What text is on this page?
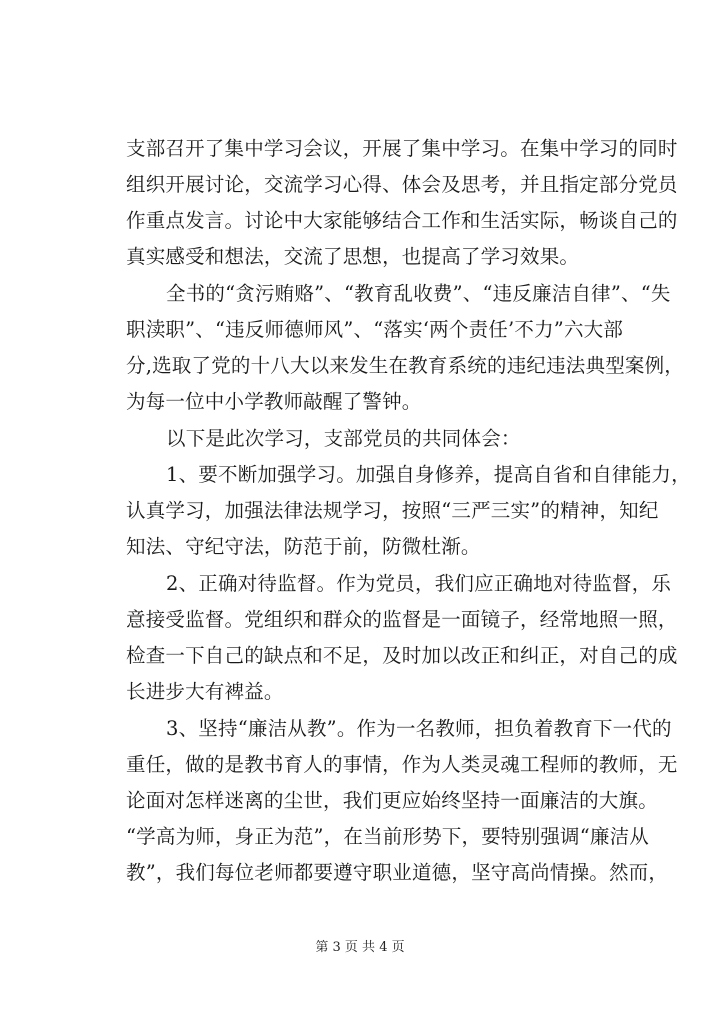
支部召开了集中学习会议，开展了集中学习。在集中学习的同时
组织开展讨论，交流学习心得、体会及思考，并且指定部分党员
作重点发言。讨论中大家能够结合工作和生活实际，畅谈自己的
真实感受和想法，交流了思想，也提高了学习效果。
全书的“贪污贿赂”、“教育乱收费”、“违反廉洁自律”、“失
职渎职”、“违反师德师风”、“落实‘两个责任’不力”六大部
分,选取了党的十八大以来发生在教育系统的违纪违法典型案例，
为每一位中小学教师敲醒了警钟。
以下是此次学习，支部党员的共同体会：
1、要不断加强学习。加强自身修养，提高自省和自律能力，
认真学习，加强法律法规学习，按照“三严三实”的精神，知纪
知法、守纪守法，防范于前，防微杜渐。
2、正确对待监督。作为党员，我们应正确地对待监督，乐
意接受监督。党组织和群众的监督是一面镜子，经常地照一照，
检查一下自己的缺点和不足，及时加以改正和纠正，对自己的成
长进步大有裨益。
3、坚持“廉洁从教”。作为一名教师，担负着教育下一代的
重任，做的是教书育人的事情，作为人类灵魂工程师的教师，无
论面对怎样迷离的尘世，我们更应始终坚持一面廉洁的大旗。
“学高为师，身正为范”，在当前形势下，要特别强调“廉洁从
教”，我们每位老师都要遵守职业道德，坚守高尚情操。然而，
第 3 页 共 4 页
